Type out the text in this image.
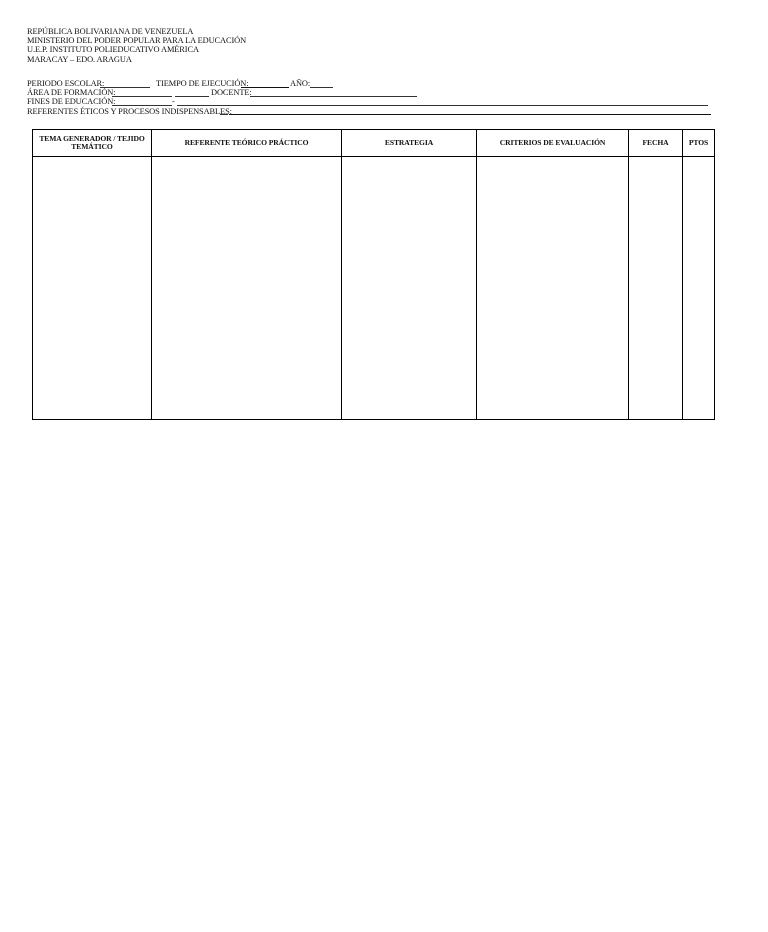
REPÚBLICA BOLIVARIANA DE VENEZUELA
MINISTERIO DEL PODER POPULAR PARA LA EDUCACIÓN
U.E.P. INSTITUTO POLIEDUCATIVO AMÉRICA
MARACAY – EDO. ARAGUA
PERIODO ESCOLAR:	TIEMPO DE EJECUCIÓN:	AÑO:
ÁREA DE FORMACIÓN:	DOCENTE:
FINES DE EDUCACIÓN:	-
REFERENTES ÉTICOS Y PROCESOS INDISPENSABLES:
TEMA GENERADOR / TEJIDO TEMÁTICO	REFERENTE TEÓRICO PRÁCTICO	ESTRATEGIA	CRITERIOS DE EVALUACIÓN	FECHA	PTOS
